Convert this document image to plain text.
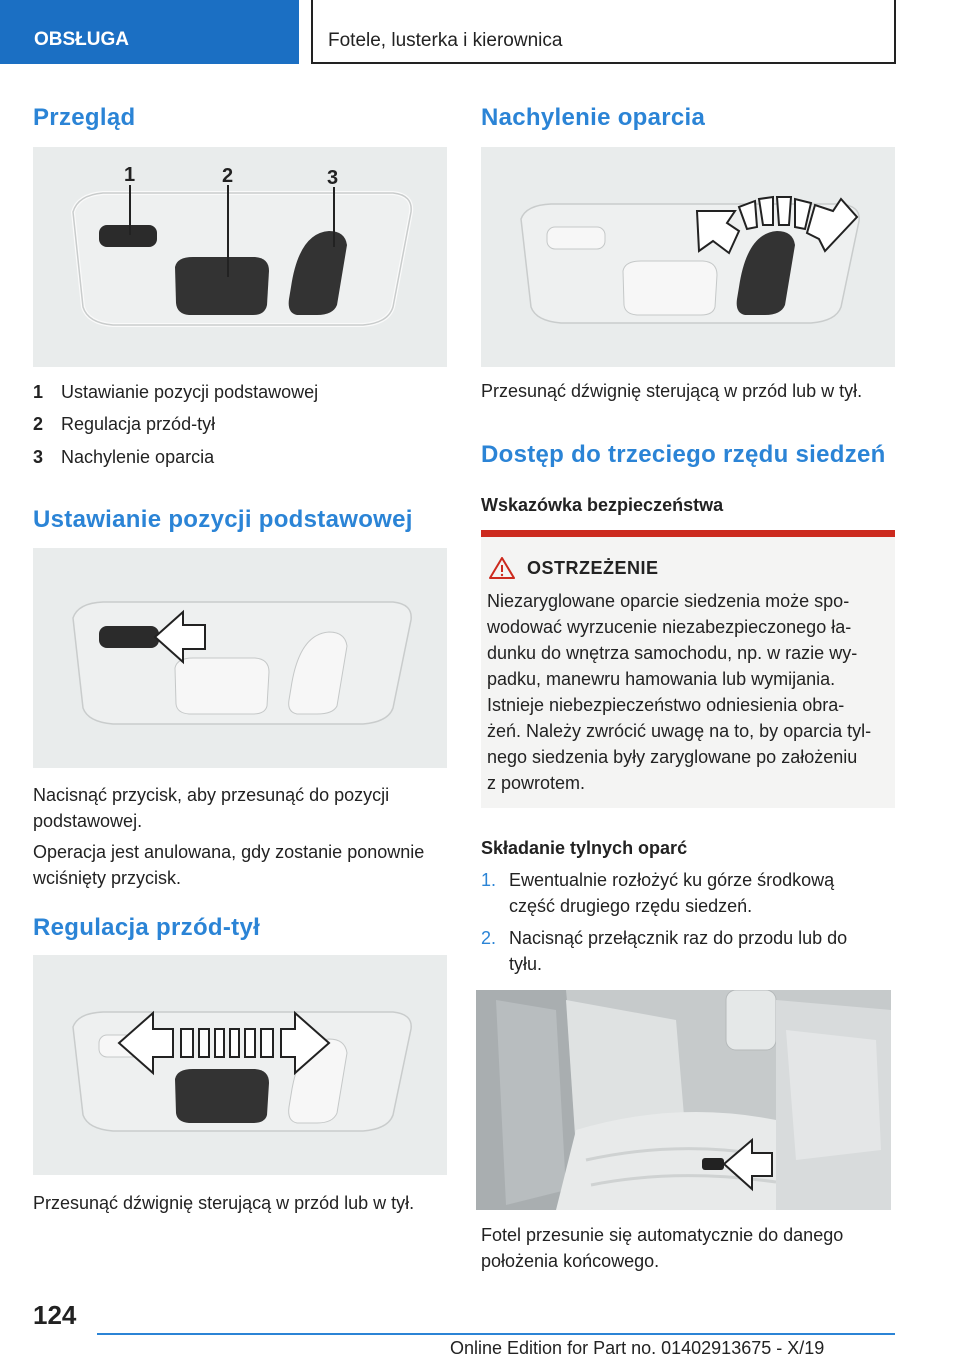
OBSŁUGA	Fotele, lusterka i kierownica
Przegląd
1	2	3
1 Ustawianie pozycji podstawowej
2 Regulacja przód-tył
3 Nachylenie oparcia
Ustawianie pozycji podstawowej

Nacisnąć przycisk, aby przesunąć do pozycji podstawowej.

Operacja jest anulowana, gdy zostanie ponownie wciśnięty przycisk.

Regulacja przód-tył

Przesunąć dźwignię sterującą w przód lub w tył.

Nachylenie oparcia

Przesunąć dźwignię sterującą w przód lub w tył.

Dostęp do trzeciego rzędu siedzeń
Wskazówka bezpieczeństwa
OSTRZEŻENIE
Niezaryglowane oparcie siedzenia może spo-
wodować wyrzucenie niezabezpieczonego ła-
dunku do wnętrza samochodu, np. w razie wy-
padku, manewru hamowania lub wymijania.
Istnieje niebezpieczeństwo odniesienia obra-
żeń. Należy zwrócić uwagę na to, by oparcia tyl-
nego siedzenia były zaryglowane po założeniu
z powrotem.
Składanie tylnych oparć
1. Ewentualnie rozłożyć ku górze środkową część drugiego rzędu siedzeń.
2. Nacisnąć przełącznik raz do przodu lub do tyłu.

Fotel przesunie się automatycznie do danego położenia końcowego.

124
Online Edition for Part no. 01402913675 - X/19
